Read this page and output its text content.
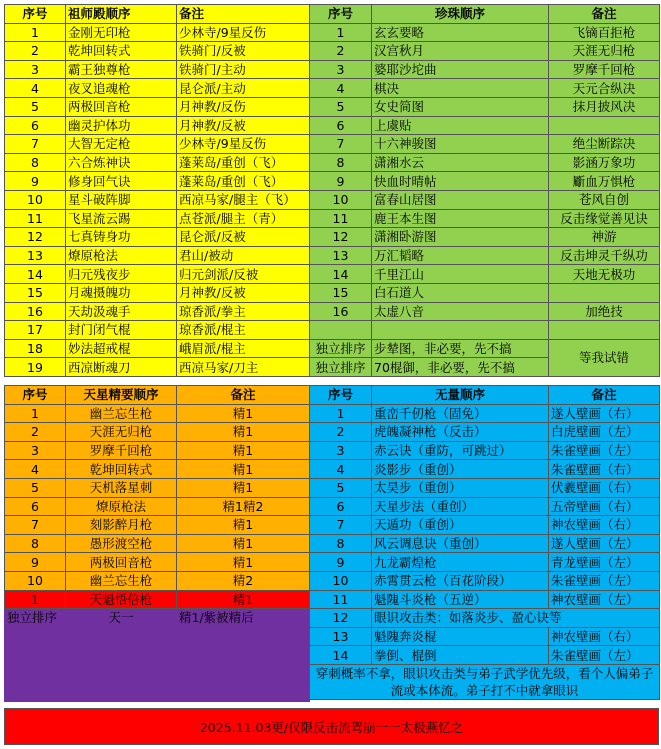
序号	祖师殿顺序	备注
1	金刚无印枪	少林寺/9星反伤
2	乾坤回转式	铁骑门/反被
3	霸王独尊枪	铁骑门/主动
4	夜叉追魂枪	昆仑派/主动
5	两极回音枪	月神教/反伤
6	幽灵护体功	月神教/反被
7	大智无定枪	少林寺/9星反伤
8	六合炼神诀	蓬莱岛/重创（飞）
9	修身回气诀	蓬莱岛/重创（飞）
10	星斗破阵脚	西凉马家/腿主（飞）
11	飞星流云踢	点苍派/腿主（青）
12	七真铸身功	昆仑派/反被
13	燎原枪法	君山/被动
14	归元残夜步	归元剑派/反被
15	月魂摄魄功	月神教/反被
16	天劫汲魂手	琼香派/拳主
17	封门闭气棍	琼香派/棍主
18	妙法超戒棍	峨眉派/棍主
19	西凉断魂刀	西凉马家/刀主
序号	珍珠顺序	备注
1	玄玄要略	飞镝百拒枪
2	汉宫秋月	天涯无归枪
3	婆耶沙坨曲	罗摩千回枪
4	棋决	天元合纵决
5	女史简图	抹月披风决
6	上虞贴	
7	十六神骏图	绝尘断踪决
8	潇湘水云	影涵万象功
9	快血时晴帖	斸血万惧枪
10	富春山居图	苍风自创
11	鹿王本生图	反击缘觉善见诀
12	潇湘卧游图	神游
13	万汇韬略	反击坤灵千纵功
14	千里江山	天地无极功
15	白石道人	
16	太虚八音	加绝技

独立排序	步辇图，非必要，先不搞	等我试错
独立排序	70棍御，非必要，先不搞	
序号	天星精要顺序	备注
1	幽兰忘生枪	精1
2	天涯无归枪	精1
3	罗摩千回枪	精1
4	乾坤回转式	精1
5	天机落星刺	精1
6	燎原枪法	精1精2
7	刻影醉月枪	精1
8	愚形渡空枪	精1
9	两极回音枪	精1
10	幽兰忘生枪	精2
1	天魁悟倍枪	精1
独立排序	天一	精1/紫被精后

序号	无量顺序	备注
1	重峦千仞枪（固免）	遂人壁画（右）
2	虎魄凝神枪（反击）	白虎壁画（左）
3	赤云诀（重防，可跳过）	朱雀壁画（左）
4	炎影步（重创）	朱雀壁画（右）
5	太昊步（重创）	伏羲壁画（右）
6	天星步法（重创）	五帝壁画（右）
7	天遁功（重创）	神农壁画（右）
8	风云调息诀（重创）	遂人壁画（左）
9	九龙霸煌枪	青龙壁画（左）
10	赤霄贯云枪（百花阶段）	朱雀壁画（左）
11	魁隗斗炎枪（五逆）	神农壁画（左）
12	眼识攻击类：如落炎步、盈心诀等	
13	魁隗奔炎棍	神农壁画（右）
14	拳倒、棍倒	朱雀壁画（左）
穿刺概率不拿，眼识攻击类与弟子武学优先级，看个人偏弟子流或本体流。弟子打不中就拿眼识		

2025.11.03更/仅限反击流驾崩一一太极燕忆之
